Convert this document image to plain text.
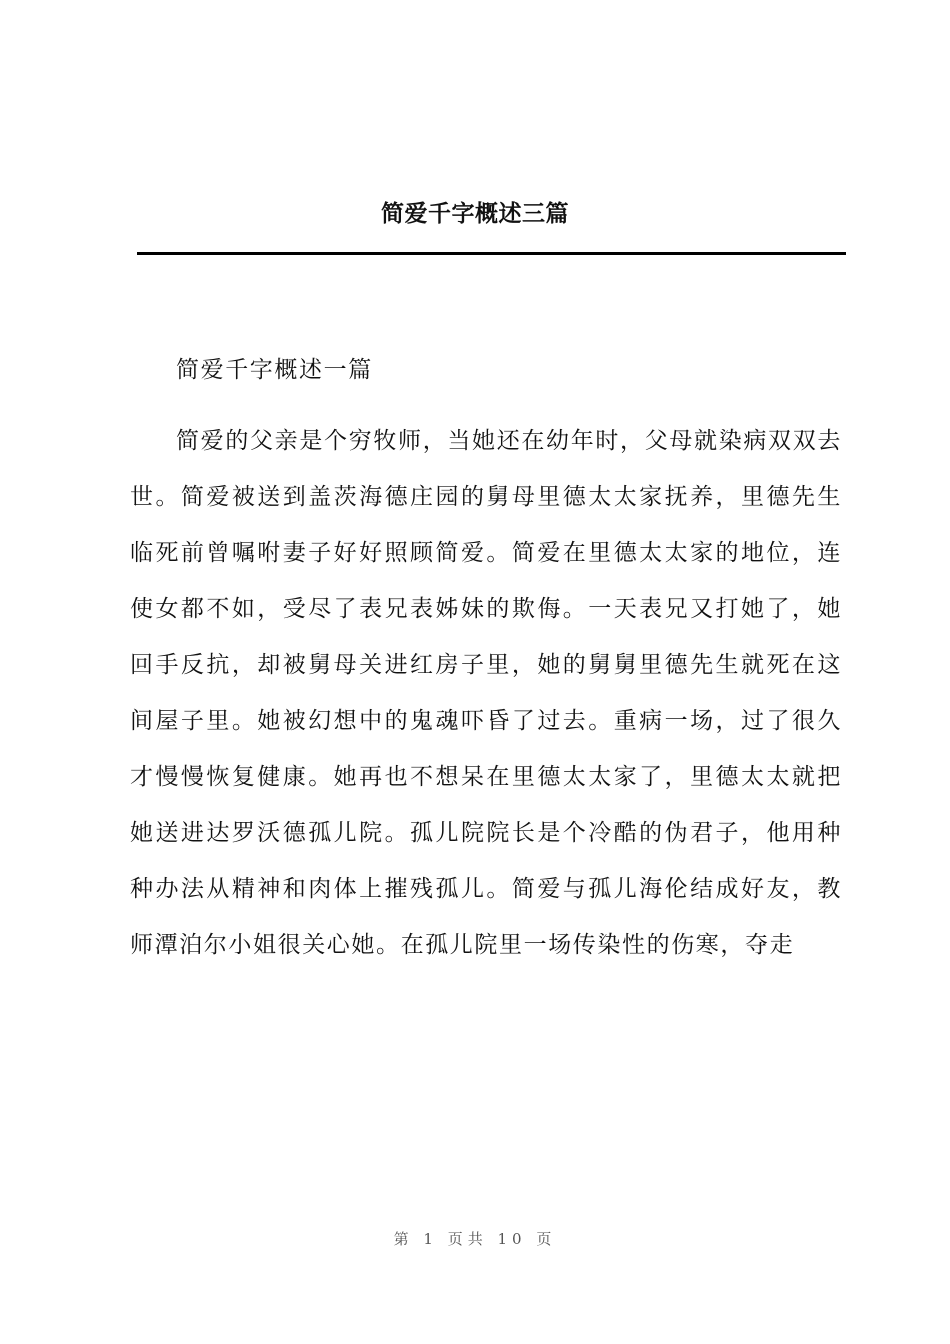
简爱千字概述三篇

简爱千字概述一篇

简爱的父亲是个穷牧师，当她还在幼年时，父母就染病双双去世。简爱被送到盖茨海德庄园的舅母里德太太家抚养，里德先生临死前曾嘱咐妻子好好照顾简爱。简爱在里德太太家的地位，连使女都不如，受尽了表兄表姊妹的欺侮。一天表兄又打她了，她回手反抗，却被舅母关进红房子里，她的舅舅里德先生就死在这间屋子里。她被幻想中的鬼魂吓昏了过去。重病一场，过了很久才慢慢恢复健康。她再也不想呆在里德太太家了，里德太太就把她送进达罗沃德孤儿院。孤儿院院长是个冷酷的伪君子，他用种种办法从精神和肉体上摧残孤儿。简爱与孤儿海伦结成好友，教师潭泊尔小姐很关心她。在孤儿院里一场传染性的伤寒，夺走

第 1 页共 10 页
